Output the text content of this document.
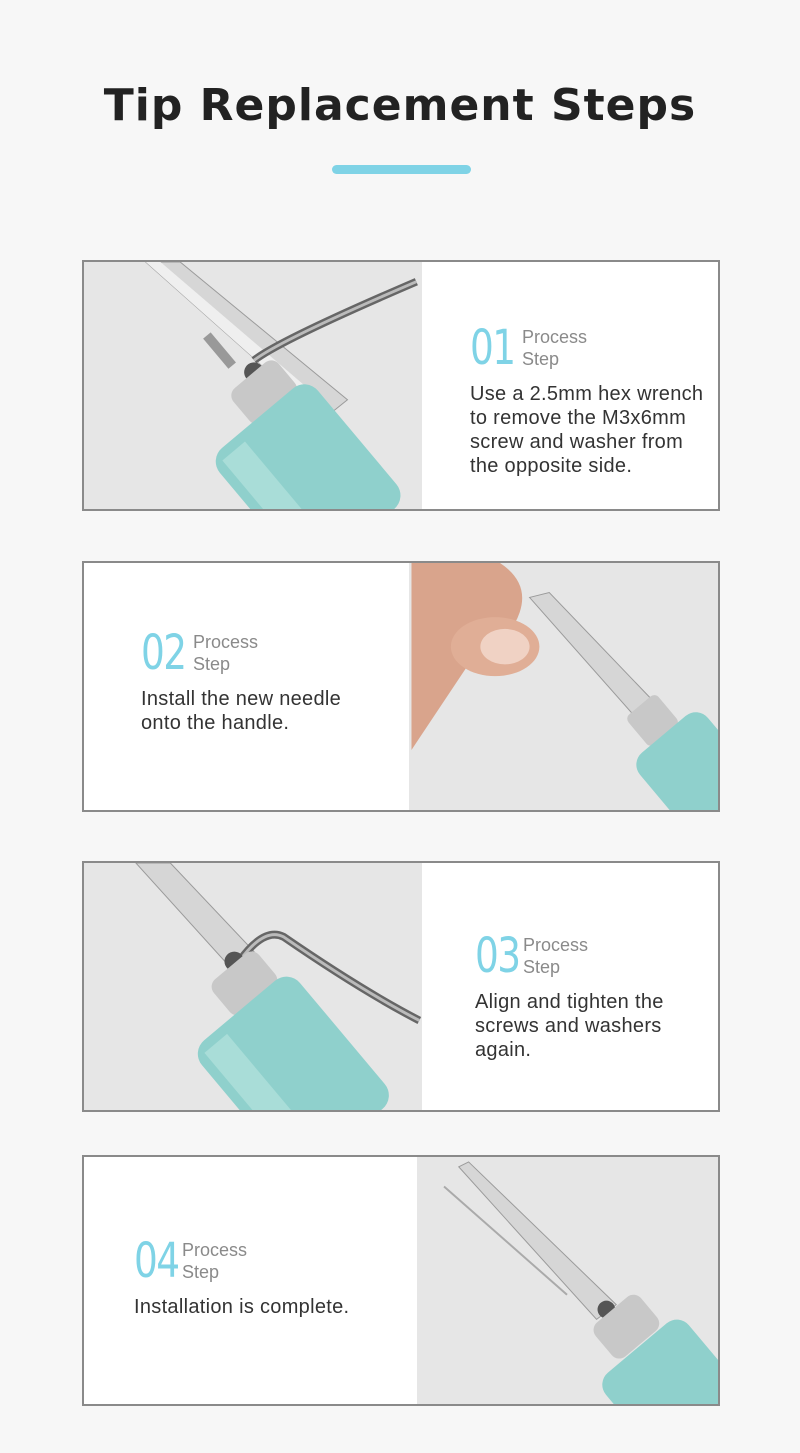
Tip Replacement Steps
01 Process
Step
Use a 2.5mm hex wrench
to remove the M3x6mm
screw and washer from
the opposite side.
02 Process
Step
Install the new needle
onto the handle.
03 Process
Step
Align and tighten the
screws and washers
again.
04 Process
Step
Installation is complete.
